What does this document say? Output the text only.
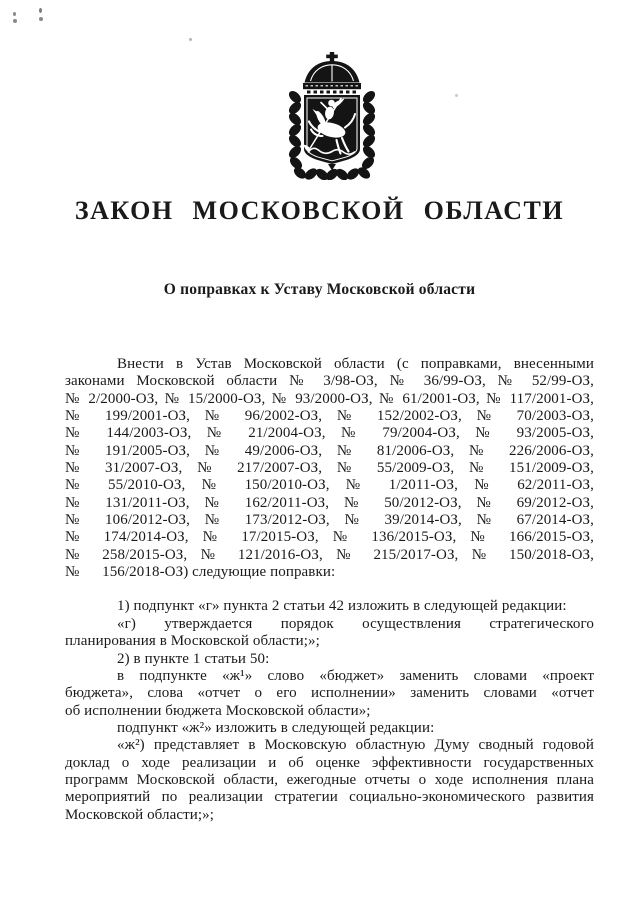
ЗАКОН МОСКОВСКОЙ ОБЛАСТИ
О поправках к Уставу Московской области
Внести в Устав Московской области (с поправками, внесенными
законами Московской области № 3/98-ОЗ, № 36/99-ОЗ, № 52/99-ОЗ,
№ 2/2000-ОЗ, № 15/2000-ОЗ, № 93/2000-ОЗ, № 61/2001-ОЗ, № 117/2001-ОЗ,
№ 199/2001-ОЗ, № 96/2002-ОЗ, № 152/2002-ОЗ, № 70/2003-ОЗ,
№ 144/2003-ОЗ, № 21/2004-ОЗ, № 79/2004-ОЗ, № 93/2005-ОЗ,
№ 191/2005-ОЗ, № 49/2006-ОЗ, № 81/2006-ОЗ, № 226/2006-ОЗ,
№ 31/2007-ОЗ, № 217/2007-ОЗ, № 55/2009-ОЗ, № 151/2009-ОЗ,
№ 55/2010-ОЗ, № 150/2010-ОЗ, № 1/2011-ОЗ, № 62/2011-ОЗ,
№ 131/2011-ОЗ, № 162/2011-ОЗ, № 50/2012-ОЗ, № 69/2012-ОЗ,
№ 106/2012-ОЗ, № 173/2012-ОЗ, № 39/2014-ОЗ, № 67/2014-ОЗ,
№ 174/2014-ОЗ, № 17/2015-ОЗ, № 136/2015-ОЗ, № 166/2015-ОЗ,
№ 258/2015-ОЗ, № 121/2016-ОЗ, № 215/2017-ОЗ, № 150/2018-ОЗ,
№  156/2018-ОЗ) следующие поправки:
1) подпункт «г» пункта 2 статьи 42 изложить в следующей редакции:
«г) утверждается порядок осуществления стратегического
планирования в Московской области;»;
2) в пункте 1 статьи 50:
в подпункте «ж¹» слово «бюджет» заменить словами «проект
бюджета», слова «отчет о его исполнении» заменить словами «отчет
об исполнении бюджета Московской области»;
подпункт «ж²» изложить в следующей редакции:
«ж²) представляет в Московскую областную Думу сводный годовой
доклад о ходе реализации и об оценке эффективности государственных
программ Московской области, ежегодные отчеты о ходе исполнения плана
мероприятий по реализации стратегии социально-экономического развития
Московской области;»;
